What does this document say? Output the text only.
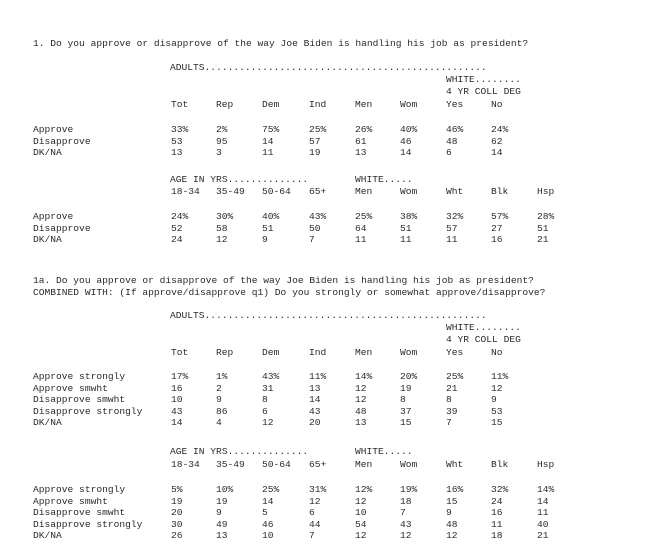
1. Do you approve or disapprove of the way Joe Biden is handling his job as president?
ADULTS.................................................
WHITE........
4 YR COLL DEG
Tot	Rep	Dem	Ind	Men	Wom	Yes	No
Approve	33%	2%	75%	25%	26%	40%	46%	24%
Disapprove	53	95	14	57	61	46	48	62
DK/NA	13	3	11	19	13	14	6	14
AGE IN YRS..............	WHITE.....
18-34 35-49 50-64 65+	Men	Wom	Wht	Blk	Hsp
Approve	24%	30%	40%	43%	25%	38%	32%	57%	28%
Disapprove	52	58	51	50	64	51	57	27	51
DK/NA	24	12	9	7	11	11	11	16	21
1a. Do you approve or disapprove of the way Joe Biden is handling his job as president?
COMBINED WITH: (If approve/disapprove q1) Do you strongly or somewhat approve/disapprove?
ADULTS.................................................
WHITE........
4 YR COLL DEG
Tot	Rep	Dem	Ind	Men	Wom	Yes	No
Approve strongly	17%	1%	43%	11%	14%	20%	25%	11%
Approve smwht	16	2	31	13	12	19	21	12
Disapprove smwht	10	9	8	14	12	8	8	9
Disapprove strongly	43	86	6	43	48	37	39	53
DK/NA	14	4	12	20	13	15	7	15
AGE IN YRS..............	WHITE.....
18-34 35-49 50-64 65+	Men	Wom	Wht	Blk	Hsp
Approve strongly	5%	10%	25%	31%	12%	19%	16%	32%	14%
Approve smwht	19	19	14	12	12	18	15	24	14
Disapprove smwht	20	9	5	6	10	7	9	16	11
Disapprove strongly	30	49	46	44	54	43	48	11	40
DK/NA	26	13	10	7	12	12	12	18	21
